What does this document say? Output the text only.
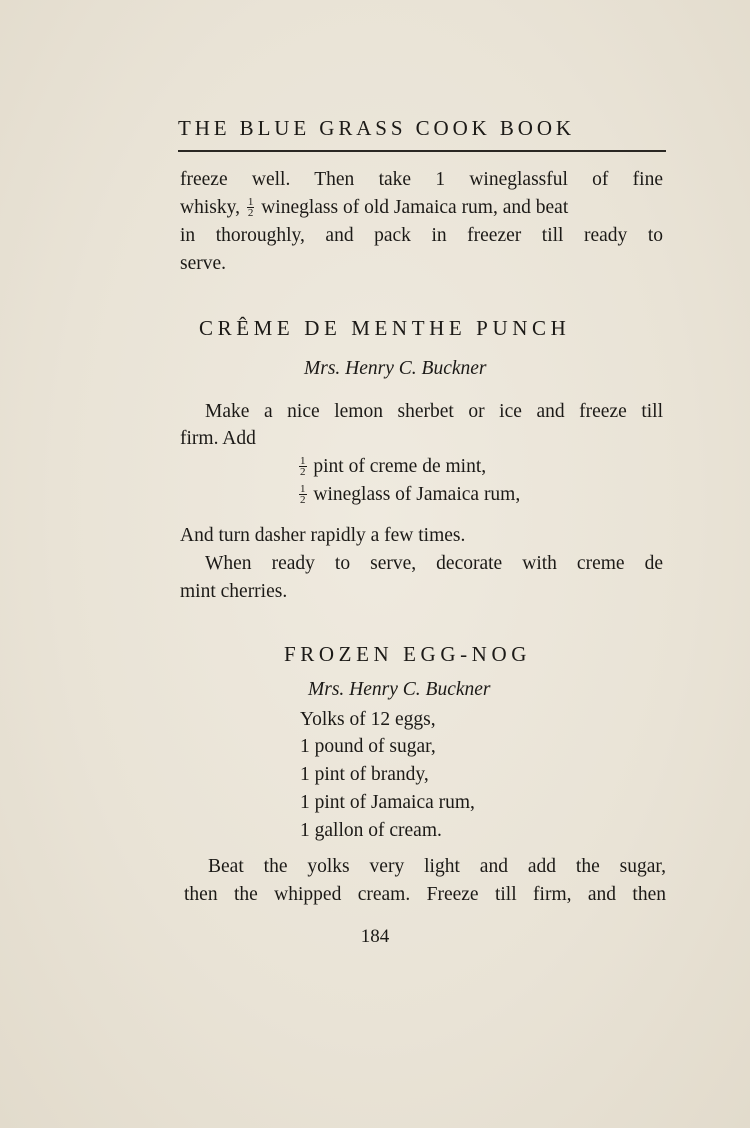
THE BLUE GRASS COOK BOOK
freeze well. Then take 1 wineglassful of fine
whisky, $\frac{1}{2}$ wineglass of old Jamaica rum, and beat
in thoroughly, and pack in freezer till ready to
serve.
CRÊME DE MENTHE PUNCH
Mrs. Henry C. Buckner
Make a nice lemon sherbet or ice and freeze till
firm. Add
$\frac{1}{2}$ pint of creme de mint,
$\frac{1}{2}$ wineglass of Jamaica rum,
And turn dasher rapidly a few times.
When ready to serve, decorate with creme de
mint cherries.
FROZEN EGG-NOG
Mrs. Henry C. Buckner
Yolks of 12 eggs,
1 pound of sugar,
1 pint of brandy,
1 pint of Jamaica rum,
1 gallon of cream.
Beat the yolks very light and add the sugar,
then the whipped cream. Freeze till firm, and then
184
